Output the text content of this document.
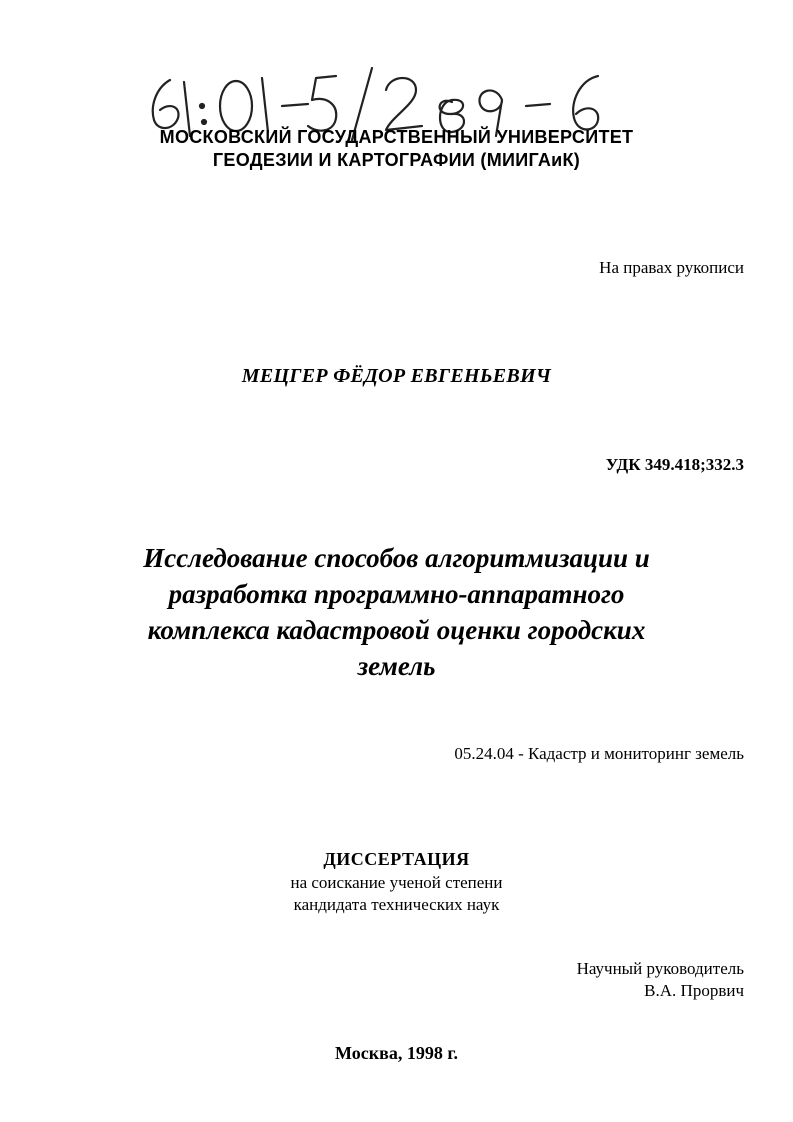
МОСКОВСКИЙ ГОСУДАРСТВЕННЫЙ УНИВЕРСИТЕТ
ГЕОДЕЗИИ И КАРТОГРАФИИ (МИИГАиК)
На правах рукописи
МЕЦГЕР ФЁДОР ЕВГЕНЬЕВИЧ
УДК 349.418;332.3
Исследование способов алгоритмизации и
разработка программно-аппаратного
комплекса кадастровой оценки городских
земель
05.24.04 - Кадастр и мониторинг земель
ДИССЕРТАЦИЯ
на соискание ученой степени
кандидата технических наук
Научный руководитель
В.А. Прорвич
Москва, 1998 г.
